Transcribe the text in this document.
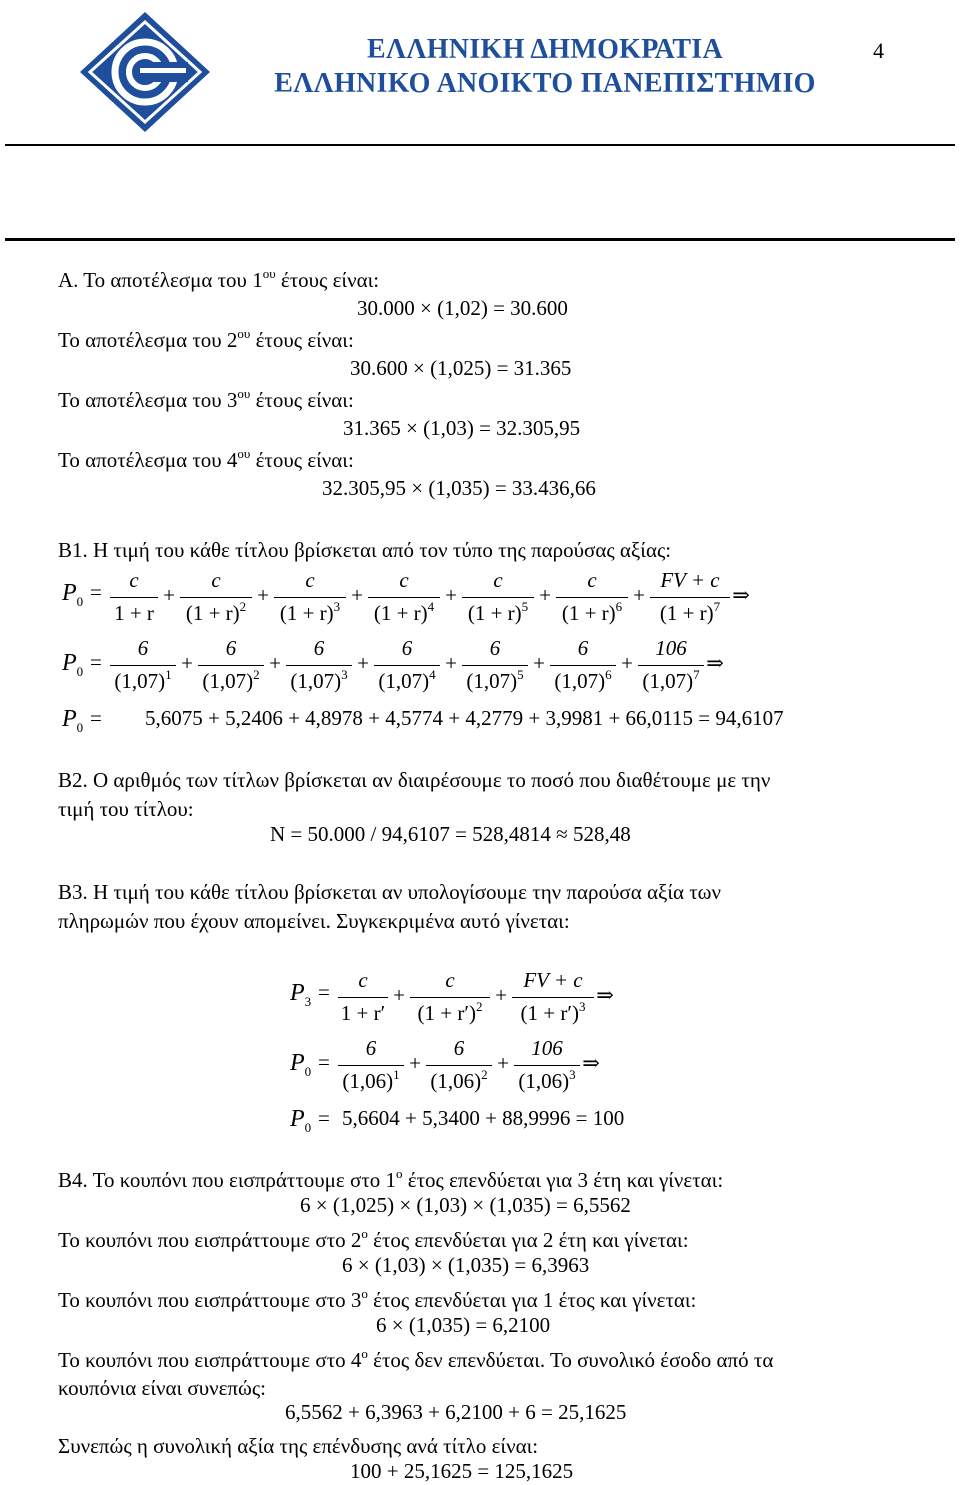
ΕΛΛΗΝΙΚΗ ΔΗΜΟΚΡΑΤΙΑ
ΕΛΛΗΝΙΚΟ ΑΝΟΙΚΤΟ ΠΑΝΕΠΙΣΤΗΜΙΟ
4
Α. Το αποτέλεσμα του $1^{o\upsilon}$ έτους είναι:
30.000 × (1,02) = 30.600
Το αποτέλεσμα του $2^{o\upsilon}$ έτους είναι:
30.600 × (1,025) = 31.365
Το αποτέλεσμα του $3^{o\upsilon}$ έτους είναι:
31.365 × (1,03) = 32.305,95
Το αποτέλεσμα του $4^{o\upsilon}$ έτους είναι:
32.305,95 × (1,035) = 33.436,66
Β1. Η τιμή του κάθε τίτλου βρίσκεται από τον τύπο της παρούσας αξίας:
$P_0$ =	c
1 + r
+
c
$(1 + r)^2$ +
c
$(1 + r)^3$ +
c
$(1 + r)^4$ +
c
$(1 + r)^5$ +
c
$(1 + r)^6$ +
FV + c
$(1 + r)^7$ ⇒
$P_0$ =
6
$(1,07)^1$ +
6
$(1,07)^2$ +
6
$(1,07)^3$ +
6
$(1,07)^4$ +
6
$(1,07)^5$ +
6
$(1,07)^6$ +
106
$(1,07)^7$ ⇒
$P_0 = 5,6075 + 5,2406 + 4,8978 + 4,5774 + 4,2779 + 3,9981 + 66,0115 = 94,6107$
Β2. Ο αριθμός των τίτλων βρίσκεται αν διαιρέσουμε το ποσό που διαθέτουμε με την
τιμή του τίτλου:
N = 50.000 / 94,6107 = 528,4814 ≈ 528,48
Β3. Η τιμή του κάθε τίτλου βρίσκεται αν υπολογίσουμε την παρούσα αξία των
πληρωμών που έχουν απομείνει. Συγκεκριμένα αυτό γίνεται:
$P_3$ =	c
1 + r′
+
c
$(1 + r')^2$ +
FV + c
$(1 + r')^3$ ⇒
$P_0$ =
6
$(1,06)^1$ +
6
$(1,06)^2$ +
106
$(1,06)^3$ ⇒
$P_0 = 5,6604 + 5,3400 + 88,9996 = 100$
Β4. Το κουπόνι που εισπράττουμε στο $1^o$ έτος επενδύεται για 3 έτη και γίνεται:
6 × (1,025) × (1,03) × (1,035) = 6,5562
Το κουπόνι που εισπράττουμε στο $2^o$ έτος επενδύεται για 2 έτη και γίνεται:
6 × (1,03) × (1,035) = 6,3963
Το κουπόνι που εισπράττουμε στο $3^o$ έτος επενδύεται για 1 έτος και γίνεται:
6 × (1,035) = 6,2100
Το κουπόνι που εισπράττουμε στο $4^o$ έτος δεν επενδύεται. Το συνολικό έσοδο από τα
κουπόνια είναι συνεπώς:
6,5562 + 6,3963 + 6,2100 + 6 = 25,1625
Συνεπώς η συνολική αξία της επένδυσης ανά τίτλο είναι:
100 + 25,1625 = 125,1625
